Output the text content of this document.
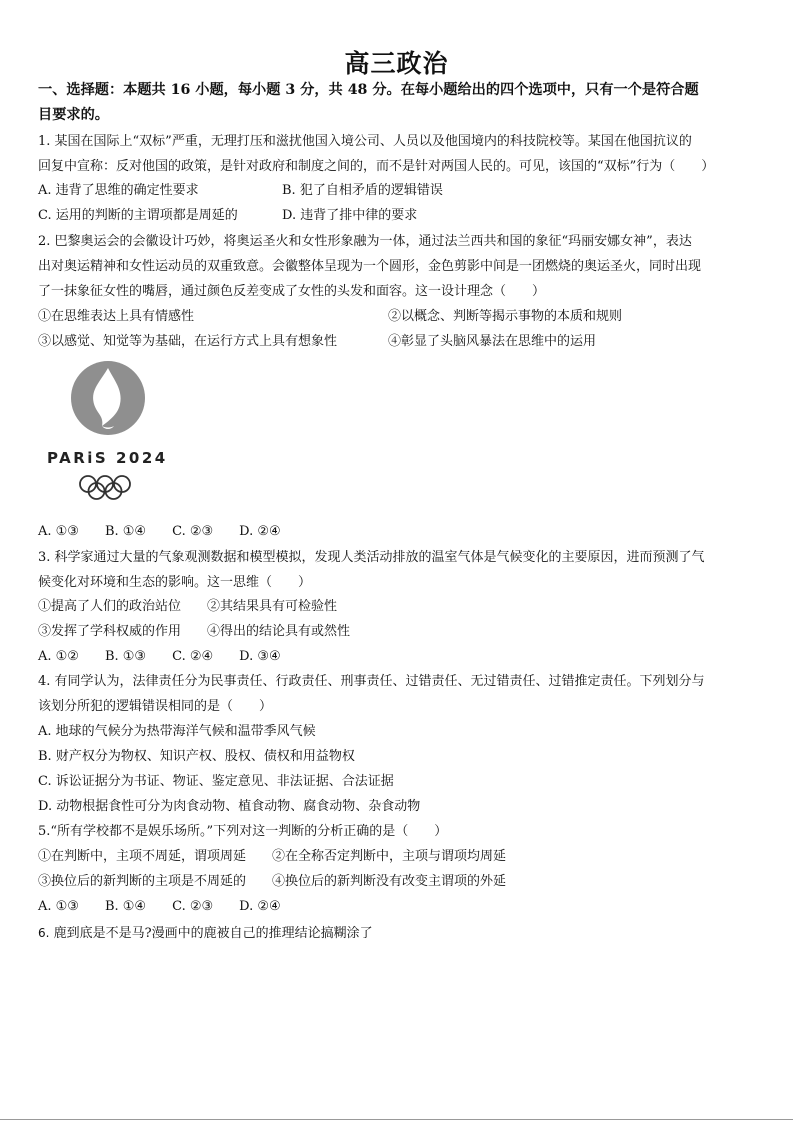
高三政治
一、选择题：本题共 16 小题，每小题 3 分，共 48 分。在每小题给出的四个选项中，只有一个是符合题
目要求的。
1. 某国在国际上“双标”严重，无理打压和滋扰他国入境公司、人员以及他国境内的科技院校等。某国在他国抗议的
回复中宣称：反对他国的政策，是针对政府和制度之间的，而不是针对两国人民的。可见，该国的“双标”行为（　　）
A. 违背了思维的确定性要求	B. 犯了自相矛盾的逻辑错误
C. 运用的判断的主谓项都是周延的	D. 违背了排中律的要求
2. 巴黎奥运会的会徽设计巧妙，将奥运圣火和女性形象融为一体，通过法兰西共和国的象征“玛丽安娜女神”，表达
出对奥运精神和女性运动员的双重致意。会徽整体呈现为一个圆形，金色剪影中间是一团燃烧的奥运圣火，同时出现
了一抹象征女性的嘴唇，通过颜色反差变成了女性的头发和面容。这一设计理念（　　）
①在思维表达上具有情感性	②以概念、判断等揭示事物的本质和规则
③以感觉、知觉等为基础，在运行方式上具有想象性	④彰显了头脑风暴法在思维中的运用
PARiS 2024
A. ①③　　B. ①④　　C. ②③　　D. ②④
3. 科学家通过大量的气象观测数据和模型模拟，发现人类活动排放的温室气体是气候变化的主要原因，进而预测了气
候变化对环境和生态的影响。这一思维（　　）
①提高了人们的政治站位　　②其结果具有可检验性
③发挥了学科权威的作用　　④得出的结论具有或然性
A. ①②　　B. ①③　　C. ②④　　D. ③④
4. 有同学认为，法律责任分为民事责任、行政责任、刑事责任、过错责任、无过错责任、过错推定责任。下列划分与
该划分所犯的逻辑错误相同的是（　　）
A. 地球的气候分为热带海洋气候和温带季风气候
B. 财产权分为物权、知识产权、股权、债权和用益物权
C. 诉讼证据分为书证、物证、鉴定意见、非法证据、合法证据
D. 动物根据食性可分为肉食动物、植食动物、腐食动物、杂食动物
5.“所有学校都不是娱乐场所。”下列对这一判断的分析正确的是（　　）
①在判断中，主项不周延，谓项周延　　②在全称否定判断中，主项与谓项均周延
③换位后的新判断的主项是不周延的　　④换位后的新判断没有改变主谓项的外延
A. ①③　　B. ①④　　C. ②③　　D. ②④
6. 鹿到底是不是马?漫画中的鹿被自己的推理结论搞糊涂了
